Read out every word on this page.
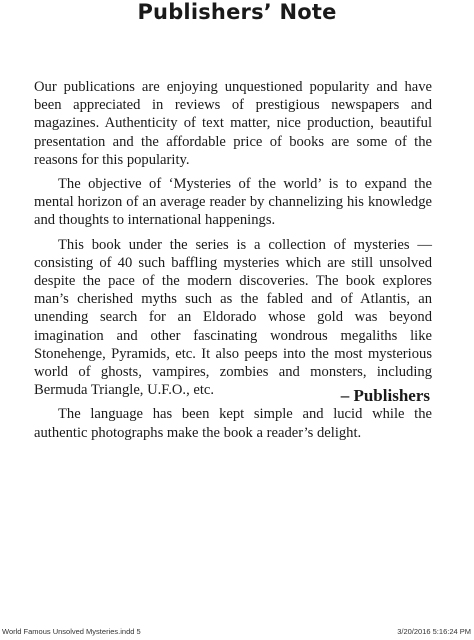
Publishers’ Note

Our publications are enjoying unquestioned popularity and have been appreciated in reviews of prestigious newspapers and magazines. Authenticity of text matter, nice production, beautiful presentation and the affordable price of books are some of the reasons for this popularity.

The objective of ‘Mysteries of the world’ is to expand the mental horizon of an average reader by channelizing his knowledge and thoughts to international happenings.

This book under the series is a collection of mysteries — consisting of 40 such baffling mysteries which are still unsolved despite the pace of the modern discoveries. The book explores man’s cherished myths such as the fabled and of Atlantis, an unending search for an Eldorado whose gold was beyond imagination and other fascinating wondrous megaliths like Stonehenge, Pyramids, etc. It also peeps into the most mysterious world of ghosts, vampires, zombies and monsters, including Bermuda Triangle, U.F.O., etc.

The language has been kept simple and lucid while the authentic photographs make the book a reader’s delight.

– Publishers

World Famous Unsolved Mysteries.indd 5	3/20/2016 5:16:24 PM
